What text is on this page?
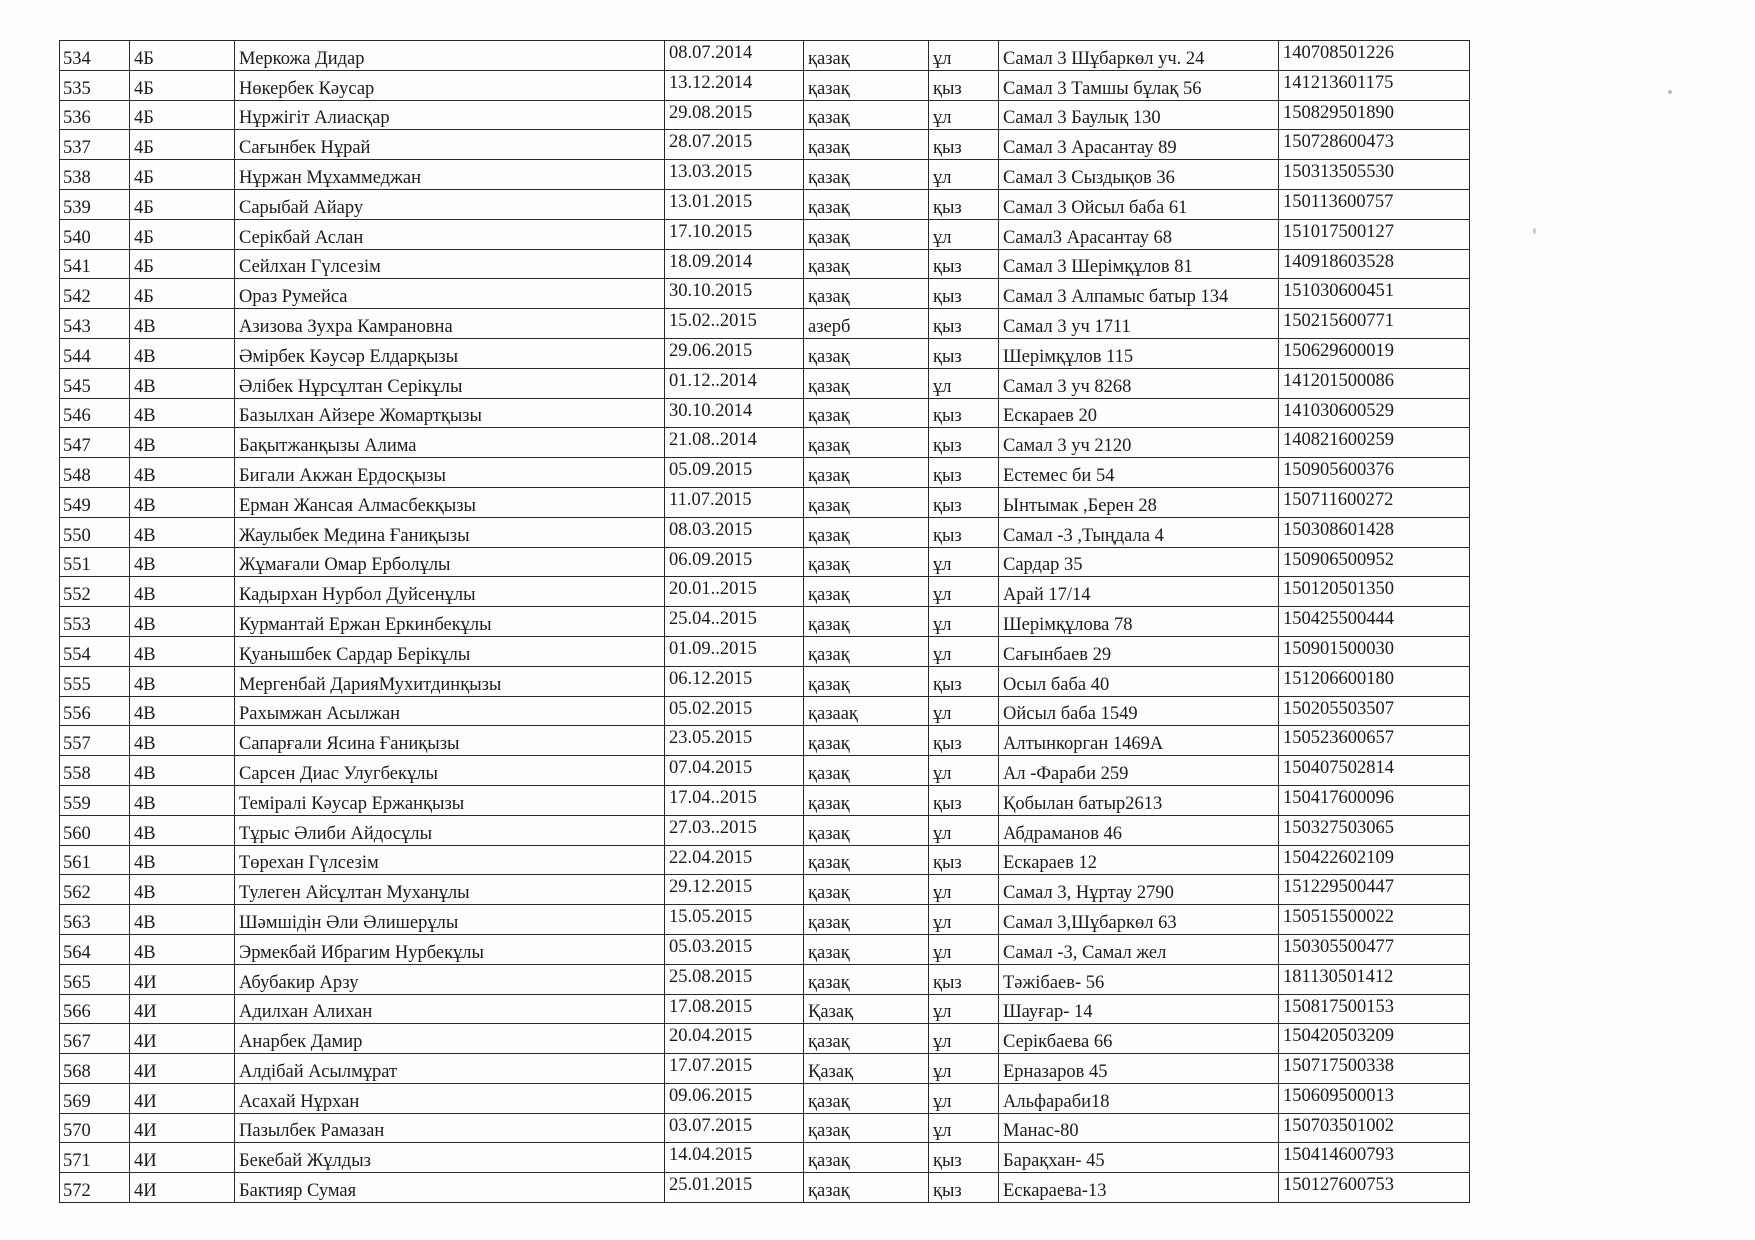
534	4Б	Меркожа Дидар	08.07.2014	қазақ	ұл	Самал 3 Шұбаркөл уч. 24	140708501226
535	4Б	Нөкербек Кәусар	13.12.2014	қазақ	қыз	Самал 3 Тамшы бұлақ 56	141213601175
536	4Б	Нұржігіт Алиасқар	29.08.2015	қазақ	ұл	Самал 3 Баулық 130	150829501890
537	4Б	Сағынбек Нұрай	28.07.2015	қазақ	қыз	Самал 3 Арасантау 89	150728600473
538	4Б	Нұржан Мұхаммеджан	13.03.2015	қазақ	ұл	Самал 3 Сыздықов 36	150313505530
539	4Б	Сарыбай Айару	13.01.2015	қазақ	қыз	Самал 3 Ойсыл баба 61	150113600757
540	4Б	Серікбай Аслан	17.10.2015	қазақ	ұл	Самал3 Арасантау 68	151017500127
541	4Б	Сейлхан Гүлсезім	18.09.2014	қазақ	қыз	Самал 3 Шерімқұлов 81	140918603528
542	4Б	Ораз Румейса	30.10.2015	қазақ	қыз	Самал 3 Алпамыс батыр 134	151030600451
543	4В	Азизова Зухра Камрановна	15.02..2015	азерб	қыз	Самал 3 уч 1711	150215600771
544	4В	Әмірбек Кәусәр Елдарқызы	29.06.2015	қазақ	қыз	Шерімқұлов 115	150629600019
545	4В	Әлібек Нұрсұлтан Серікұлы	01.12..2014	қазақ	ұл	Самал 3 уч 8268	141201500086
546	4В	Базылхан Айзере Жомартқызы	30.10.2014	қазақ	қыз	Ескараев 20	141030600529
547	4В	Бақытжанқызы Алима	21.08..2014	қазақ	қыз	Самал 3 уч 2120	140821600259
548	4В	Бигали Акжан Ердосқызы	05.09.2015	қазақ	қыз	Естемес би 54	150905600376
549	4В	Ерман Жансая Алмасбекқызы	11.07.2015	қазақ	қыз	Ынтымак ,Берен 28	150711600272
550	4В	Жаулыбек Медина Ғаниқызы	08.03.2015	қазақ	қыз	Самал -3 ,Тыңдала 4	150308601428
551	4В	Жұмағали Омар Ерболұлы	06.09.2015	қазақ	ұл	Сардар 35	150906500952
552	4В	Кадырхан Нурбол Дуйсенұлы	20.01..2015	қазақ	ұл	Арай 17/14	150120501350
553	4В	Курмантай Ержан Еркинбекұлы	25.04..2015	қазақ	ұл	Шерімқұлова 78	150425500444
554	4В	Қуанышбек Сардар Берікұлы	01.09..2015	қазақ	ұл	Сағынбаев 29	150901500030
555	4В	Мергенбай ДарияМухитдинқызы	06.12.2015	қазақ	қыз	Осыл баба 40	151206600180
556	4В	Рахымжан Асылжан	05.02.2015	қазаақ	ұл	Ойсыл баба 1549	150205503507
557	4В	Сапарғали Ясина Ғаниқызы	23.05.2015	қазақ	қыз	Алтынкорган 1469А	150523600657
558	4В	Сарсен Диас Улугбекұлы	07.04.2015	қазақ	ұл	Ал -Фараби 259	150407502814
559	4В	Теміралі Кәусар Ержанқызы	17.04..2015	қазақ	қыз	Қобылан батыр2613	150417600096
560	4В	Тұрыс Әлиби Айдосұлы	27.03..2015	қазақ	ұл	Абдраманов 46	150327503065
561	4В	Төрехан Гүлсезім	22.04.2015	қазақ	қыз	Ескараев 12	150422602109
562	4В	Тулеген Айсұлтан Муханұлы	29.12.2015	қазақ	ұл	Самал 3, Нұртау 2790	151229500447
563	4В	Шәмшідін Әли Әлишерұлы	15.05.2015	қазақ	ұл	Самал 3,Шұбаркөл 63	150515500022
564	4В	Эрмекбай Ибрагим Нурбекұлы	05.03.2015	қазақ	ұл	Самал -3, Самал жел	150305500477
565	4И	Абубакир Арзу	25.08.2015	қазақ	қыз	Тәжібаев- 56	181130501412
566	4И	Адилхан Алихан	17.08.2015	Қазақ	ұл	Шауғар- 14	150817500153
567	4И	Анарбек Дамир	20.04.2015	қазақ	ұл	Серікбаева 66	150420503209
568	4И	Алдібай Асылмұрат	17.07.2015	Қазақ	ұл	Ерназаров 45	150717500338
569	4И	Асахай Нұрхан	09.06.2015	қазақ	ұл	Альфараби18	150609500013
570	4И	Пазылбек Рамазан	03.07.2015	қазақ	ұл	Манас-80	150703501002
571	4И	Бекебай Жұлдыз	14.04.2015	қазақ	қыз	Барақхан- 45	150414600793
572	4И	Бактияр Сумая	25.01.2015	қазақ	қыз	Ескараева-13	150127600753
